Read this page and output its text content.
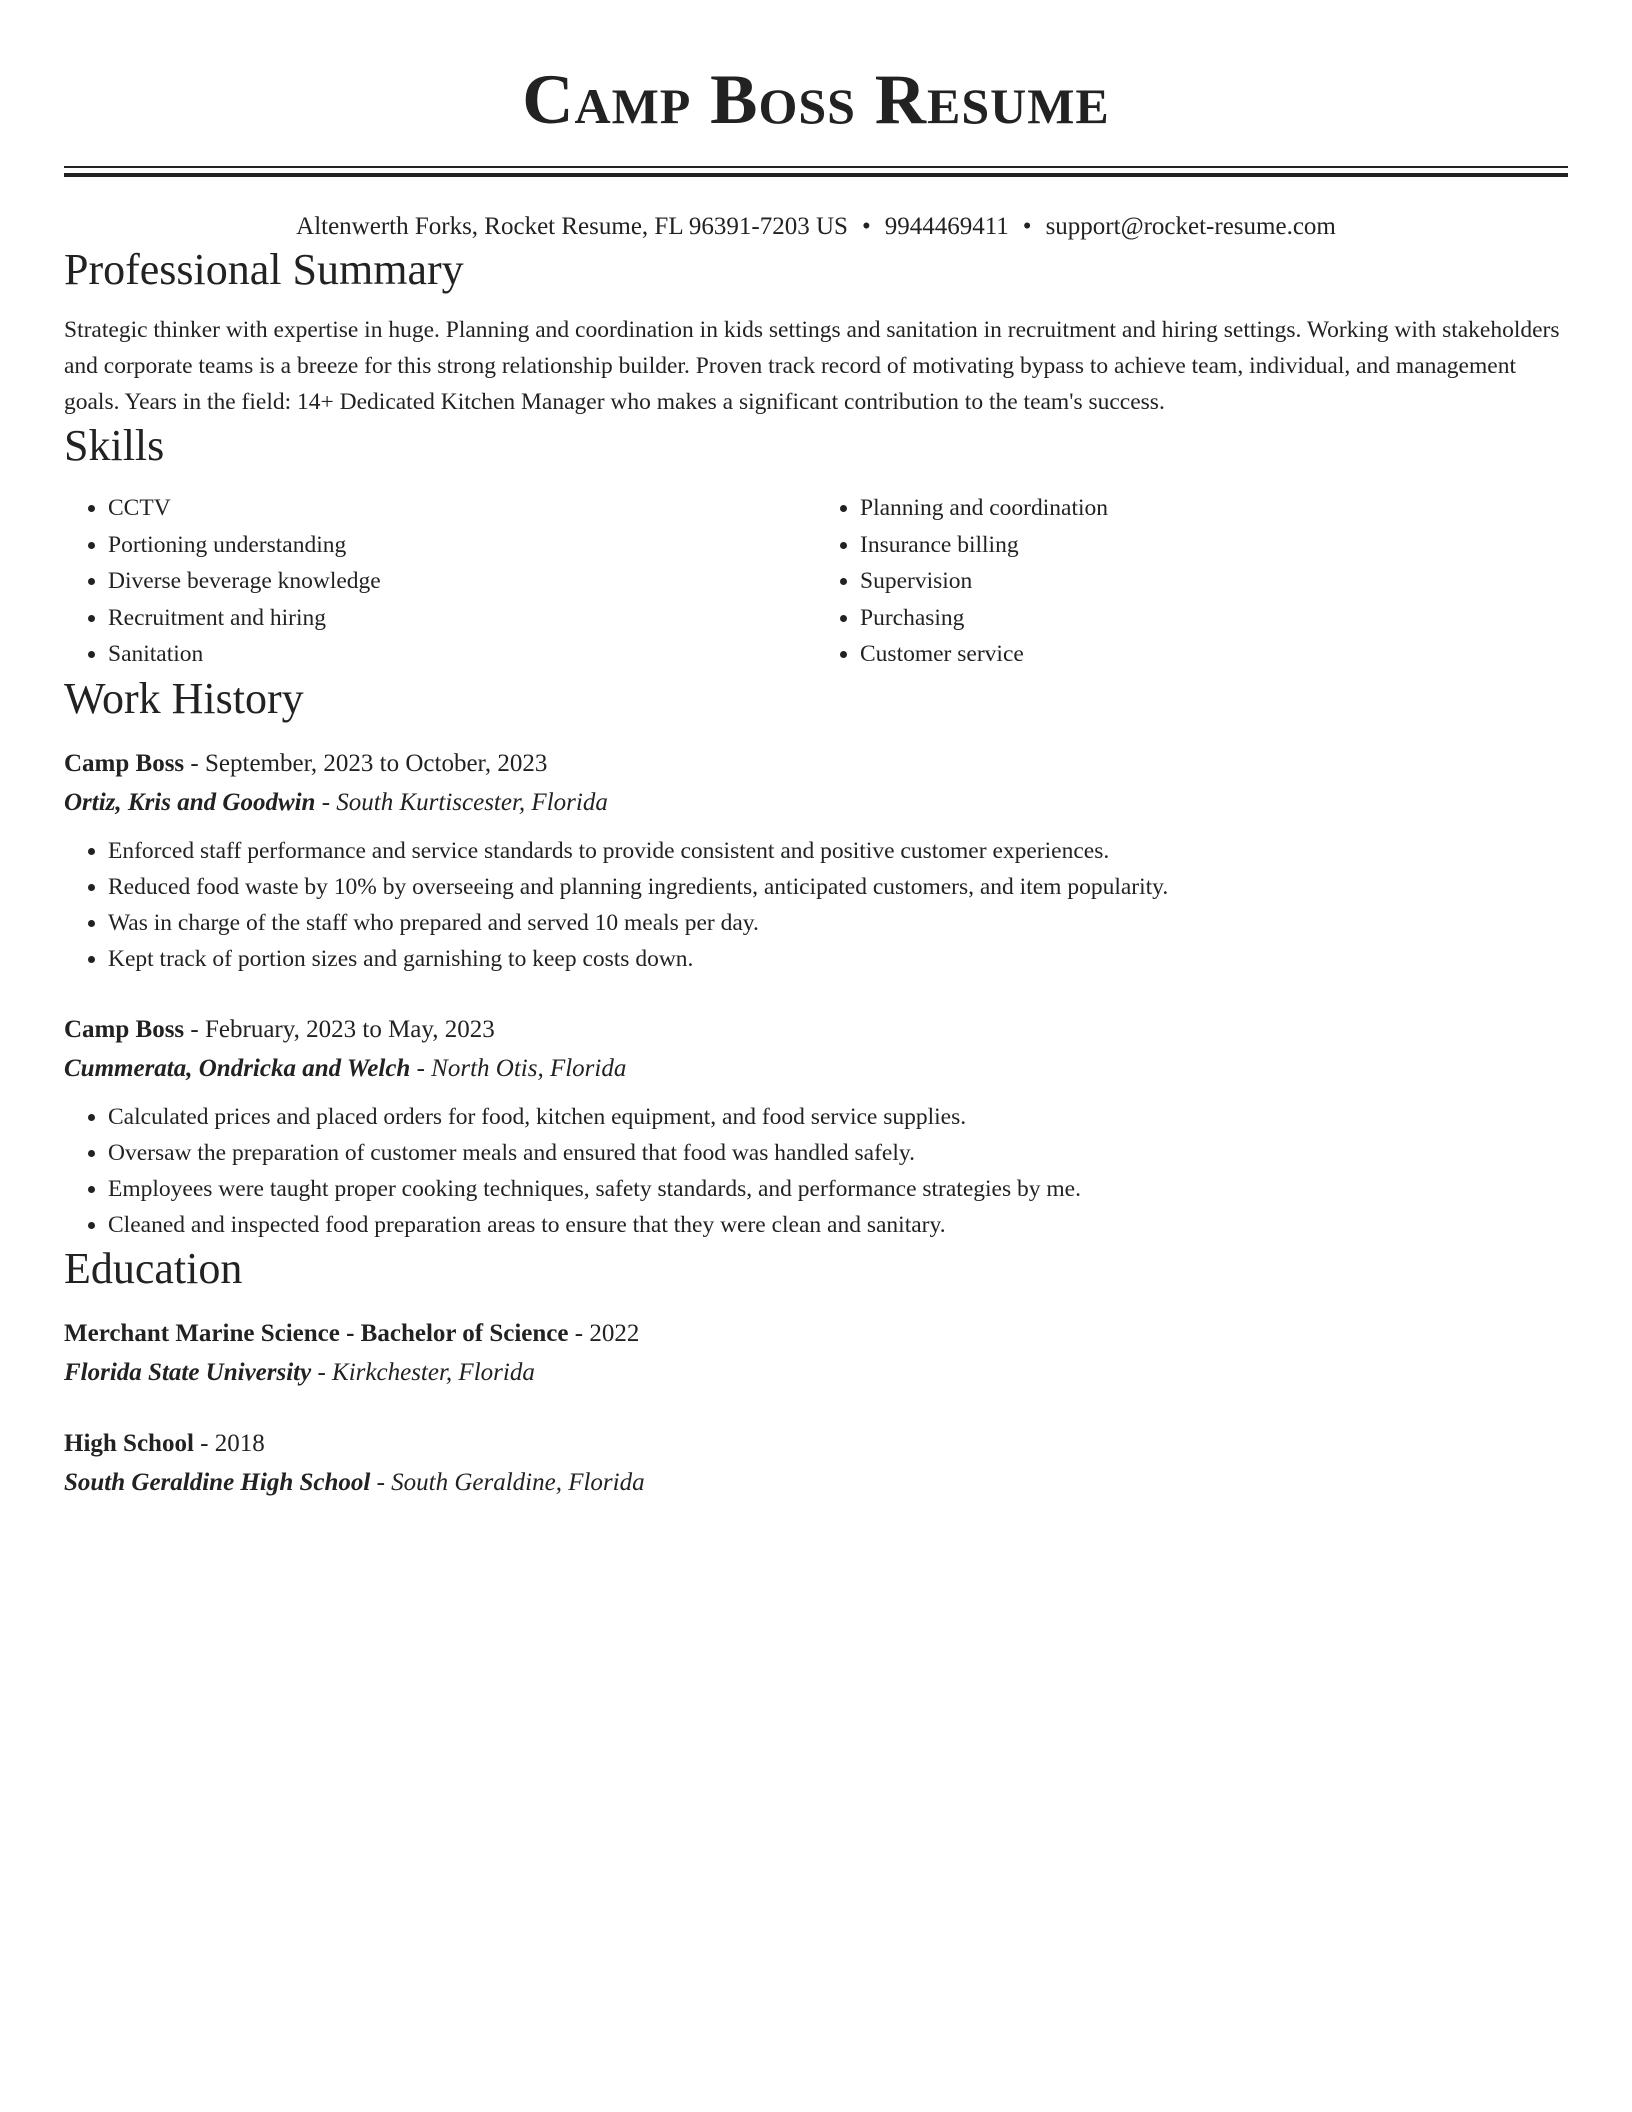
Camp Boss Resume
Altenwerth Forks, Rocket Resume, FL 96391-7203 US • 9944469411 • support@rocket-resume.com
Professional Summary
Strategic thinker with expertise in huge. Planning and coordination in kids settings and sanitation in recruitment and hiring settings. Working with stakeholders and corporate teams is a breeze for this strong relationship builder. Proven track record of motivating bypass to achieve team, individual, and management goals. Years in the field: 14+ Dedicated Kitchen Manager who makes a significant contribution to the team's success.
Skills
• CCTV
• Portioning understanding
• Diverse beverage knowledge
• Recruitment and hiring
• Sanitation
• Planning and coordination
• Insurance billing
• Supervision
• Purchasing
• Customer service
Work History
Camp Boss - September, 2023 to October, 2023
Ortiz, Kris and Goodwin - South Kurtiscester, Florida
• Enforced staff performance and service standards to provide consistent and positive customer experiences.
• Reduced food waste by 10% by overseeing and planning ingredients, anticipated customers, and item popularity.
• Was in charge of the staff who prepared and served 10 meals per day.
• Kept track of portion sizes and garnishing to keep costs down.
Camp Boss - February, 2023 to May, 2023
Cummerata, Ondricka and Welch - North Otis, Florida
• Calculated prices and placed orders for food, kitchen equipment, and food service supplies.
• Oversaw the preparation of customer meals and ensured that food was handled safely.
• Employees were taught proper cooking techniques, safety standards, and performance strategies by me.
• Cleaned and inspected food preparation areas to ensure that they were clean and sanitary.
Education
Merchant Marine Science - Bachelor of Science - 2022
Florida State University - Kirkchester, Florida
High School - 2018
South Geraldine High School - South Geraldine, Florida
